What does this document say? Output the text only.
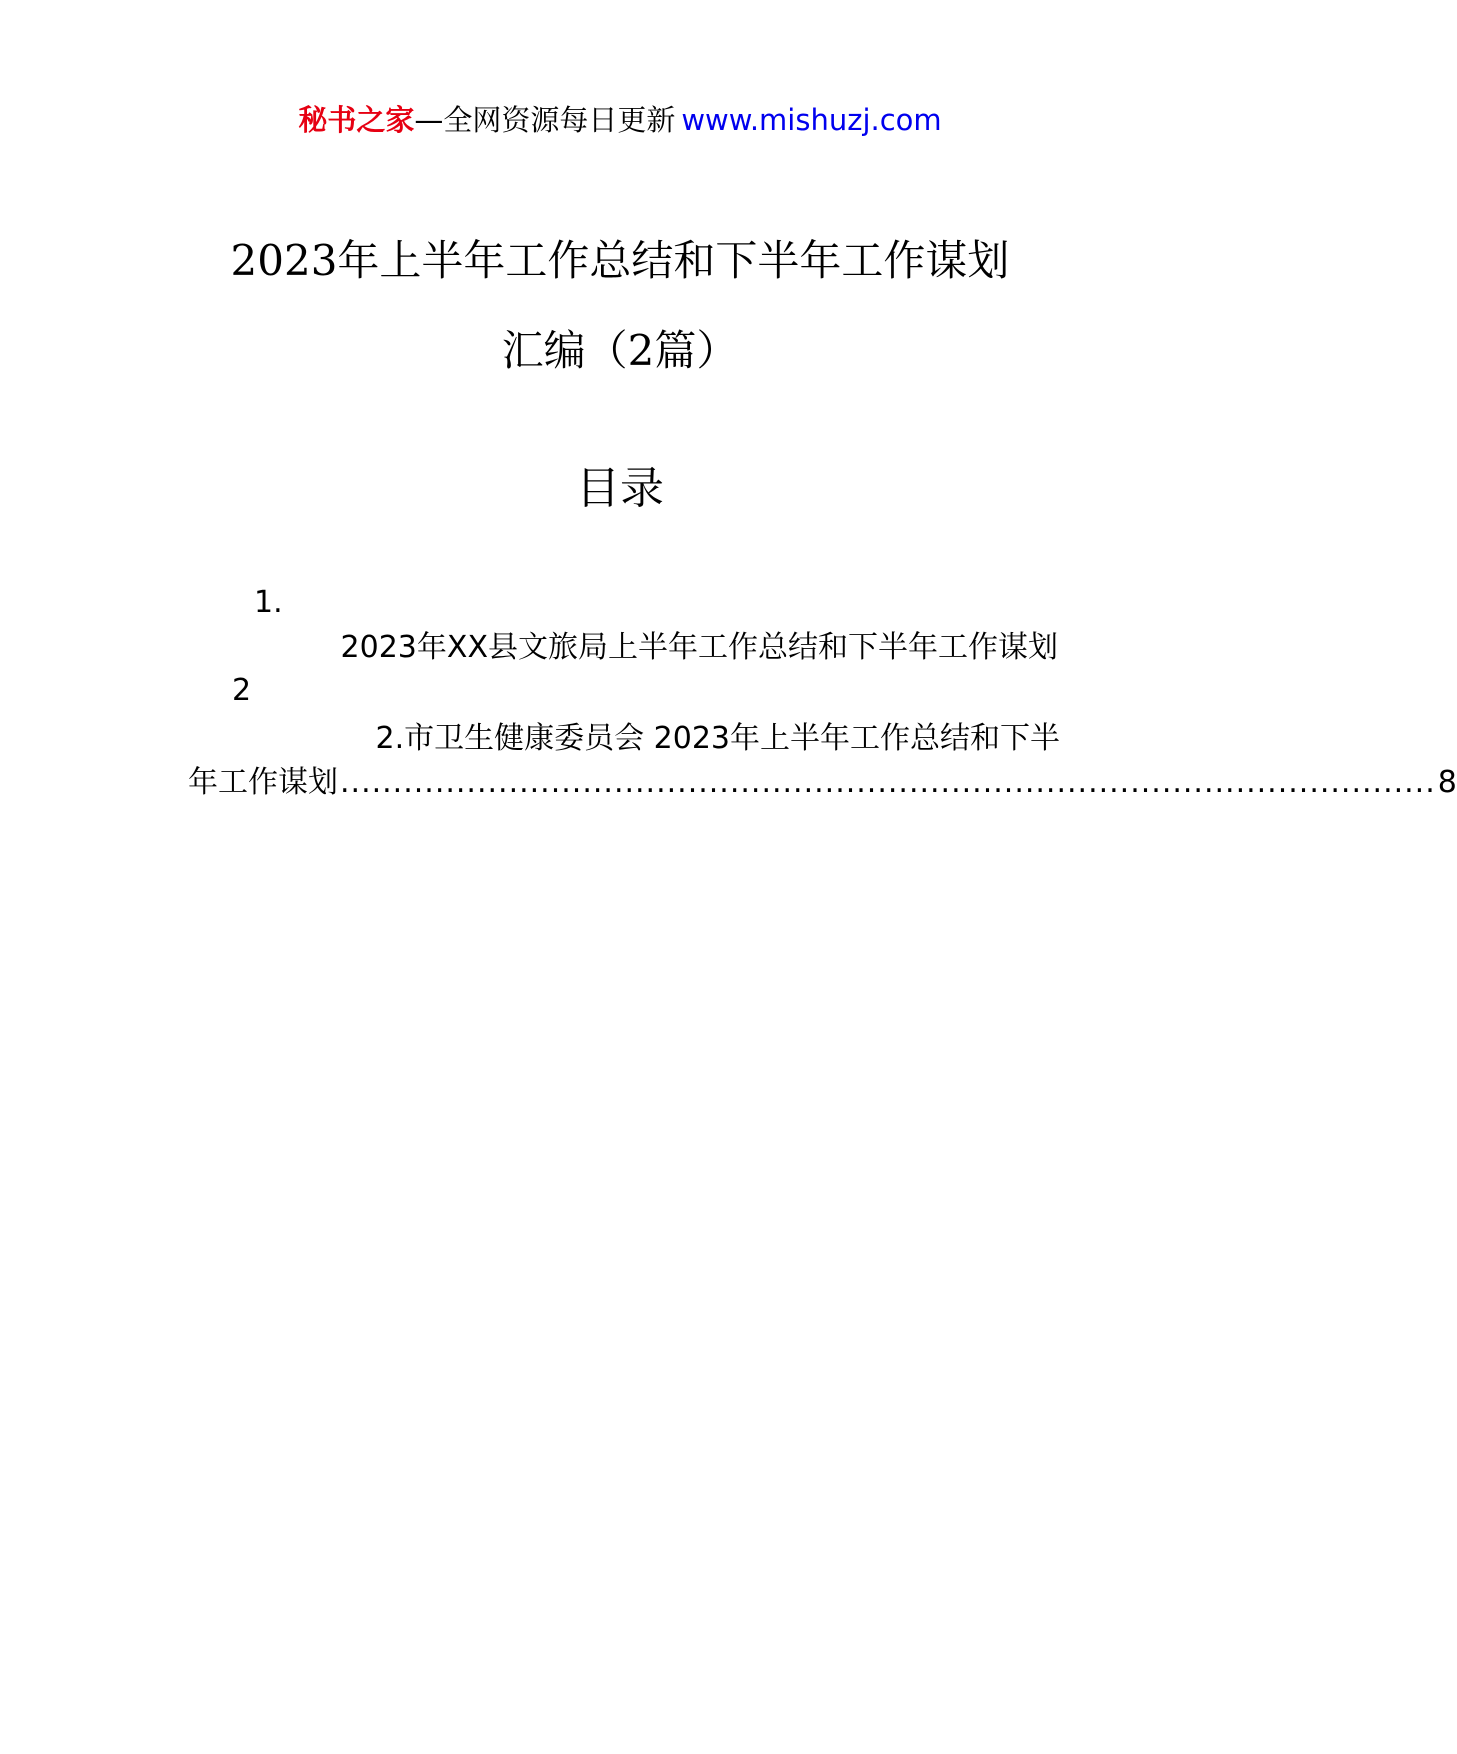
秘书之家—全网资源每日更新 www.mishuzj.com
2023年上半年工作总结和下半年工作谋划
汇编（2篇）
目录
1.
2023年XX县文旅局上半年工作总结和下半年工作谋划
2
2.市卫生健康委员会 2023年上半年工作总结和下半
年工作谋划 ........................................................................................................ 8
